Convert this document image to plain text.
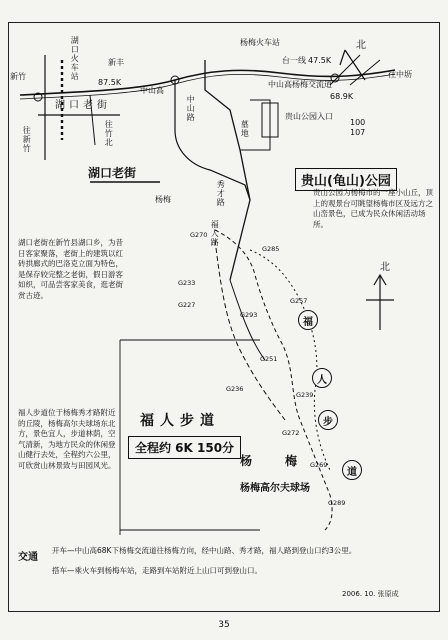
湖口火车站
新竹
新丰
湖口老街
87.5K
往新竹	往竹北
中山高
杨梅火车站
台一线 47.5K
中山高杨梅交流道
68.9K
往中坜
北
贵山公园入口
100
107
墓地
中山路
秀才路
福人路
杨梅
北
G270
G285
G233
G257
G227
G236
G239
G251
G269
G289
G272
G293
福
人
步
道
湖口老街
贵山(龟山)公园
贵山公园为杨梅市的一座小山丘，顶上的观景台可眺望杨梅市区及远方之山峦景色，已成为民众休闲活动场所。
湖口老街在新竹县湖口乡，为昔日客家聚落，老街上的建筑以红砖拱廊式的巴洛克立面为特色，是保存较完整之老街，假日游客如织，可品尝客家美食，逛老街赏古迹。
福人步道位于杨梅秀才路附近的丘陵，杨梅高尔夫球场东北方，景色宜人，步道林荫，空气清新，为地方民众的休闲登山健行去处，全程约六公里，可欣赏山林景致与田园风光。
福人步道
全程约 6K 150分
杨	梅
杨梅高尔夫球场
交通
开车—中山高68K下杨梅交流道往杨梅方向，经中山路、秀才路，福人路到登山口约3公里。
搭车—乘火车到杨梅车站，走路到车站附近上山口可到登山口。
2006. 10. 张原成
35
